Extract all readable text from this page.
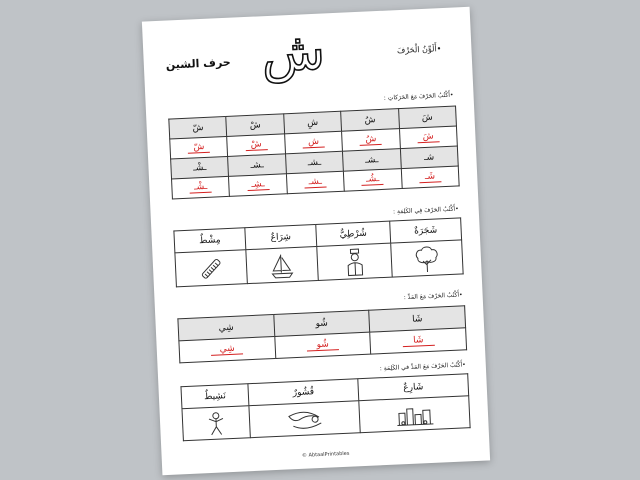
ش
حرف الشين
•أَلَوِّنُ الْحَرْفَ
•أَكْتُبُ الحَرْفَ مَعَ الحَرَكاتِ :
شَ	شُ	شِ	شْ	شّ
شَ	شُ	شِ	شْ	شّ
شـ	ـشـ	ـشـ	ـشـ	ـشْـ
شَـ	ـشُـ	ـشـ	ـشِـ	ـشْـ
•أَكْتُبُ الحَرْفَ فِي الكَلِمَةِ :
شَجَرَةٌ	شُرْطِيٌّ	شِرَاعٌ	مِشْطٌ

•أَكْتُبُ الحَرْفَ مَعَ المَدِّ :
شَا	شُو	شِي
شَا	شُو	شِي
•أَكْتُبُ الحَرْفَ مَعَ المَدِّ في الكَلِمَةِ :
شَارِعٌ	قُشُورٌ	نَشِيطٌ

© AbtaalPrintables
